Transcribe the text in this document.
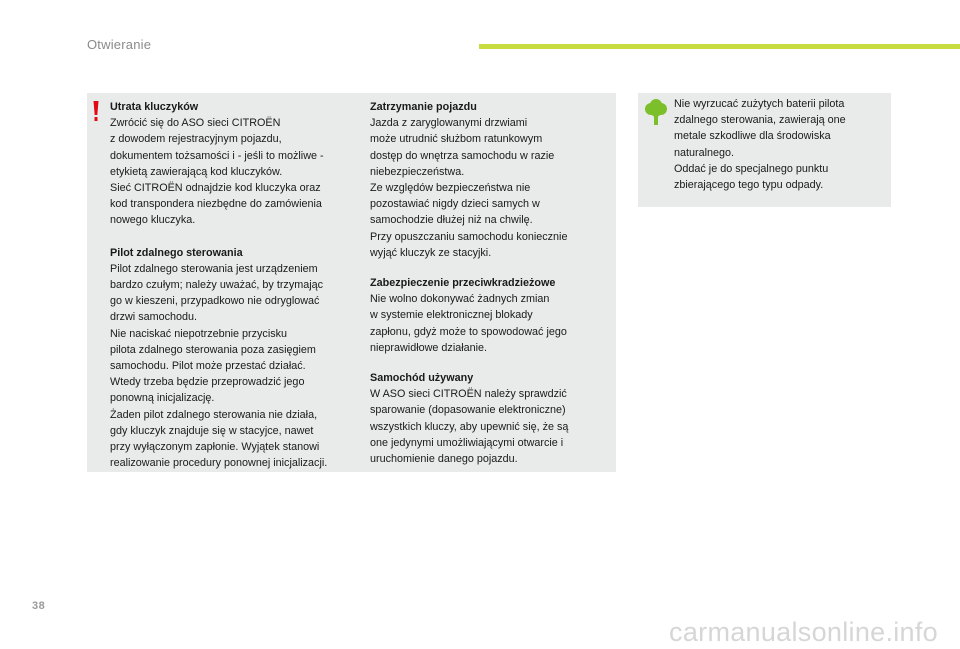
Otwieranie

Utrata kluczyków

Zwrócić się do ASO sieci CITROËN
z dowodem rejestracyjnym pojazdu,
dokumentem tożsamości i - jeśli to możliwe -
etykietą zawierającą kod kluczyków.
Sieć CITROËN odnajdzie kod kluczyka oraz
kod transpondera niezbędne do zamówienia
nowego kluczyka.

Pilot zdalnego sterowania

Pilot zdalnego sterowania jest urządzeniem
bardzo czułym; należy uważać, by trzymając
go w kieszeni, przypadkowo nie odryglować
drzwi samochodu.
Nie naciskać niepotrzebnie przycisku
pilota zdalnego sterowania poza zasięgiem
samochodu. Pilot może przestać działać.
Wtedy trzeba będzie przeprowadzić jego
ponowną inicjalizację.
Żaden pilot zdalnego sterowania nie działa,
gdy kluczyk znajduje się w stacyjce, nawet
przy wyłączonym zapłonie. Wyjątek stanowi
realizowanie procedury ponownej inicjalizacji.

Zatrzymanie pojazdu

Jazda z zaryglowanymi drzwiami
może utrudnić służbom ratunkowym
dostęp do wnętrza samochodu w razie
niebezpieczeństwa.
Ze względów bezpieczeństwa nie
pozostawiać nigdy dzieci samych w
samochodzie dłużej niż na chwilę.
Przy opuszczaniu samochodu koniecznie
wyjąć kluczyk ze stacyjki.

Zabezpieczenie przeciwkradzieżowe

Nie wolno dokonywać żadnych zmian
w systemie elektronicznej blokady
zapłonu, gdyż może to spowodować jego
nieprawidłowe działanie.

Samochód używany

W ASO sieci CITROËN należy sprawdzić
sparowanie (dopasowanie elektroniczne)
wszystkich kluczy, aby upewnić się, że są
one jedynymi umożliwiającymi otwarcie i
uruchomienie danego pojazdu.

Nie wyrzucać zużytych baterii pilota
zdalnego sterowania, zawierają one
metale szkodliwe dla środowiska
naturalnego.
Oddać je do specjalnego punktu
zbierającego tego typu odpady.

38
carmanualsonline.info
